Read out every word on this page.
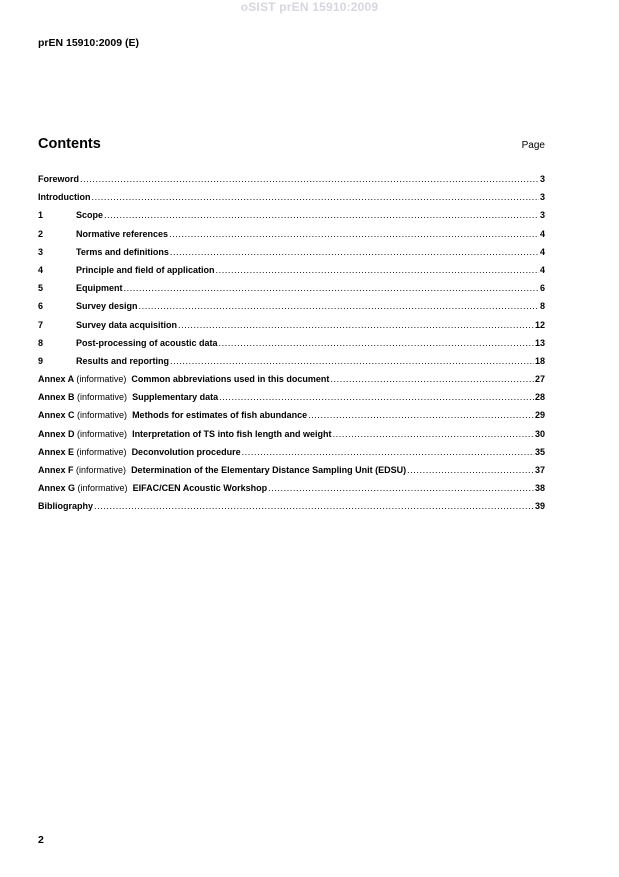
oSIST prEN 15910:2009
prEN 15910:2009 (E)
Contents	Page
Foreword .....	3
Introduction .....	3
1	Scope .....	3
2	Normative references .....	4
3	Terms and definitions .....	4
4	Principle and field of application .....	4
5	Equipment .....	6
6	Survey design .....	8
7	Survey data acquisition .....	12
8	Post-processing of acoustic data .....	13
9	Results and reporting .....	18
Annex A (informative) Common abbreviations used in this document .....	27
Annex B (informative) Supplementary data .....	28
Annex C (informative) Methods for estimates of fish abundance .....	29
Annex D (informative) Interpretation of TS into fish length and weight .....	30
Annex E (informative) Deconvolution procedure .....	35
Annex F (informative) Determination of the Elementary Distance Sampling Unit (EDSU) .....	37
Annex G (informative) EIFAC/CEN Acoustic Workshop .....	38
Bibliography .....	39
2
